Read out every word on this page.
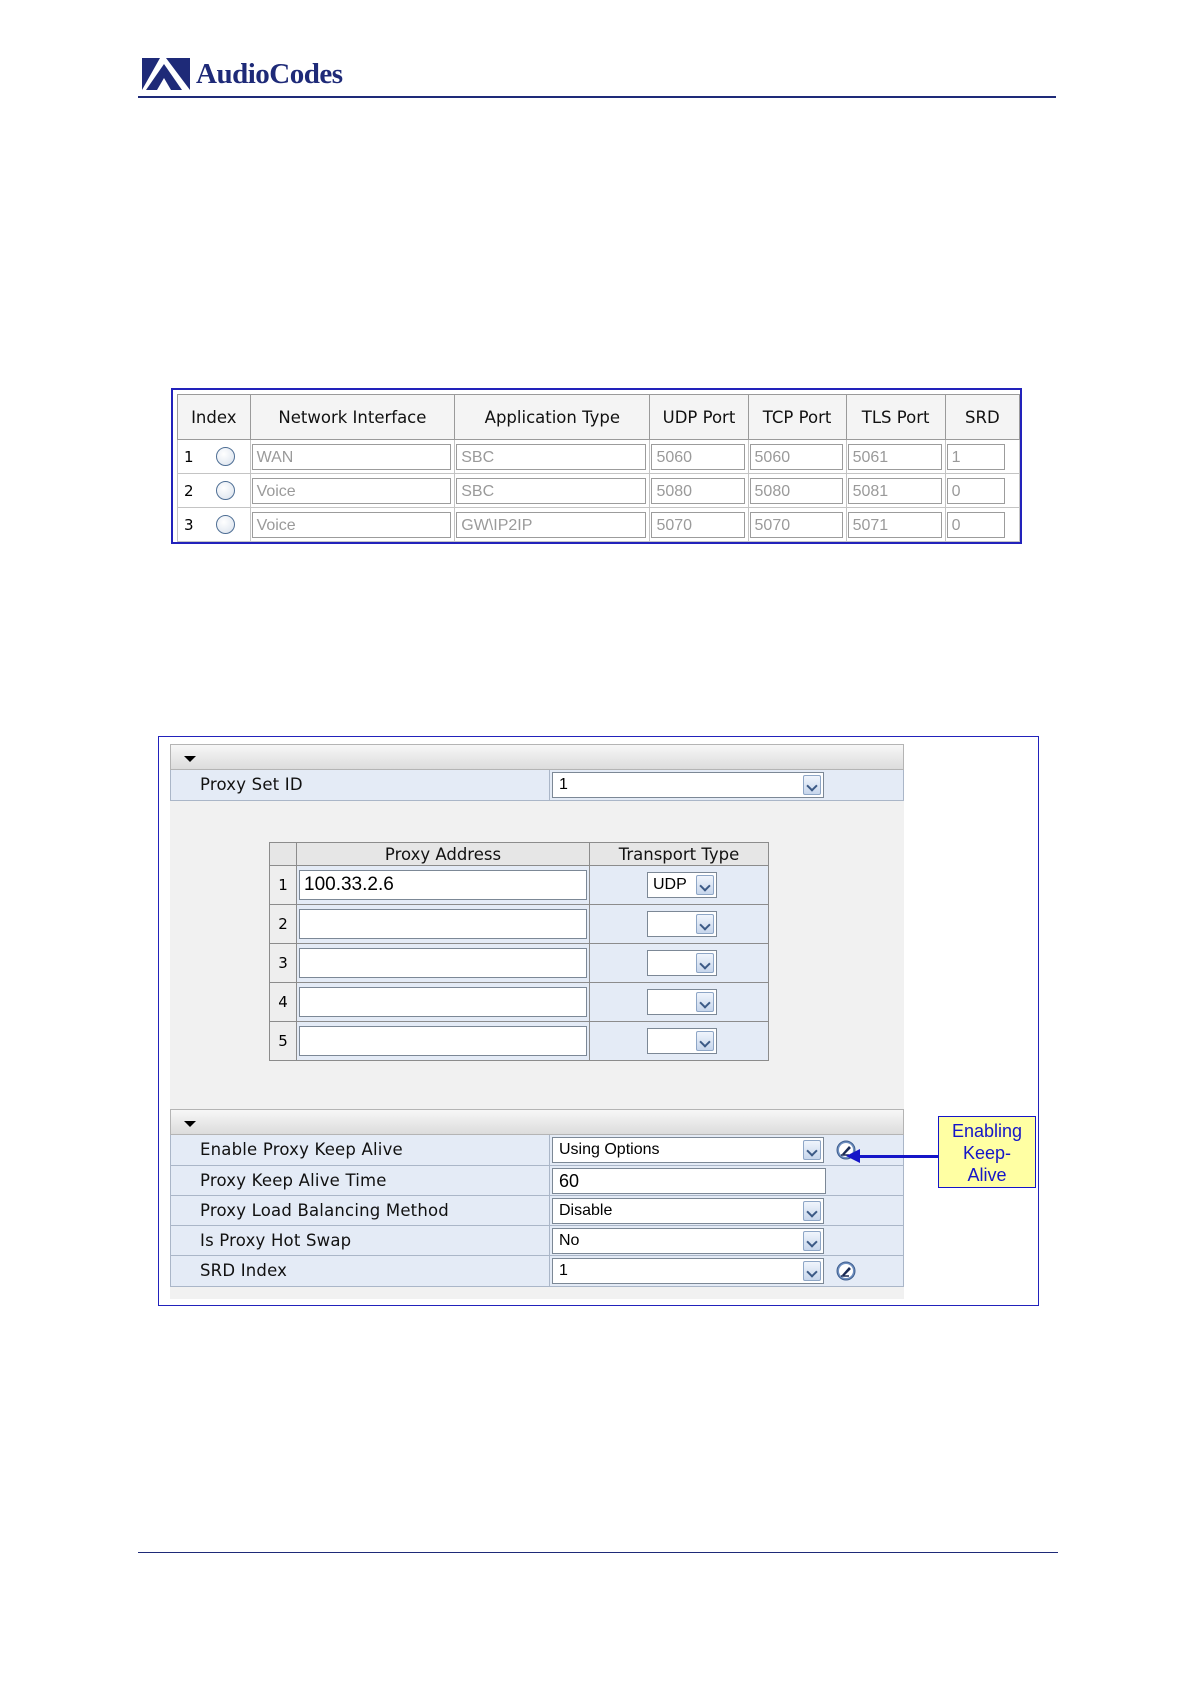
AudioCodes
Index	Network Interface	Application Type	UDP Port	TCP Port	TLS Port	SRD
1	WAN	SBC	5060	5060	5061	1

2	Voice	SBC	5080	5080	5081	0

3	Voice	GW\IP2IP	5070	5070	5071	0
Proxy Set ID	1
	Proxy Address	Transport Type
1	100.33.2.6	UDP

2	

3	

4	

5	

Enable Proxy Keep Alive	Using Options
Proxy Keep Alive Time	60
Proxy Load Balancing Method	Disable
Is Proxy Hot Swap	No
SRD Index	1
Enabling
Keep-
Alive
